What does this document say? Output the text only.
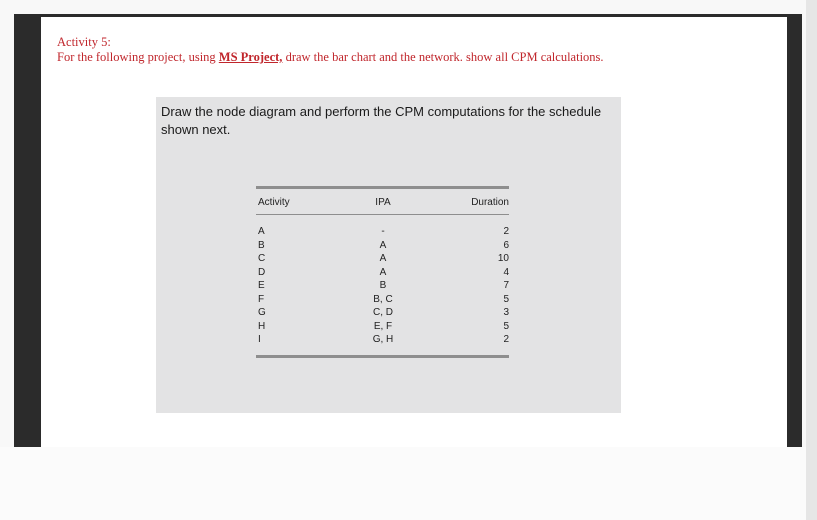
Activity 5:
For the following project, using MS Project, draw the bar chart and the network. show all CPM calculations.
Draw the node diagram and perform the CPM computations for the schedule shown next.
Activity	IPA	Duration
A	-	2
B	A	6
C	A	10
D	A	4
E	B	7
F	B, C	5
G	C, D	3
H	E, F	5
I	G, H	2
